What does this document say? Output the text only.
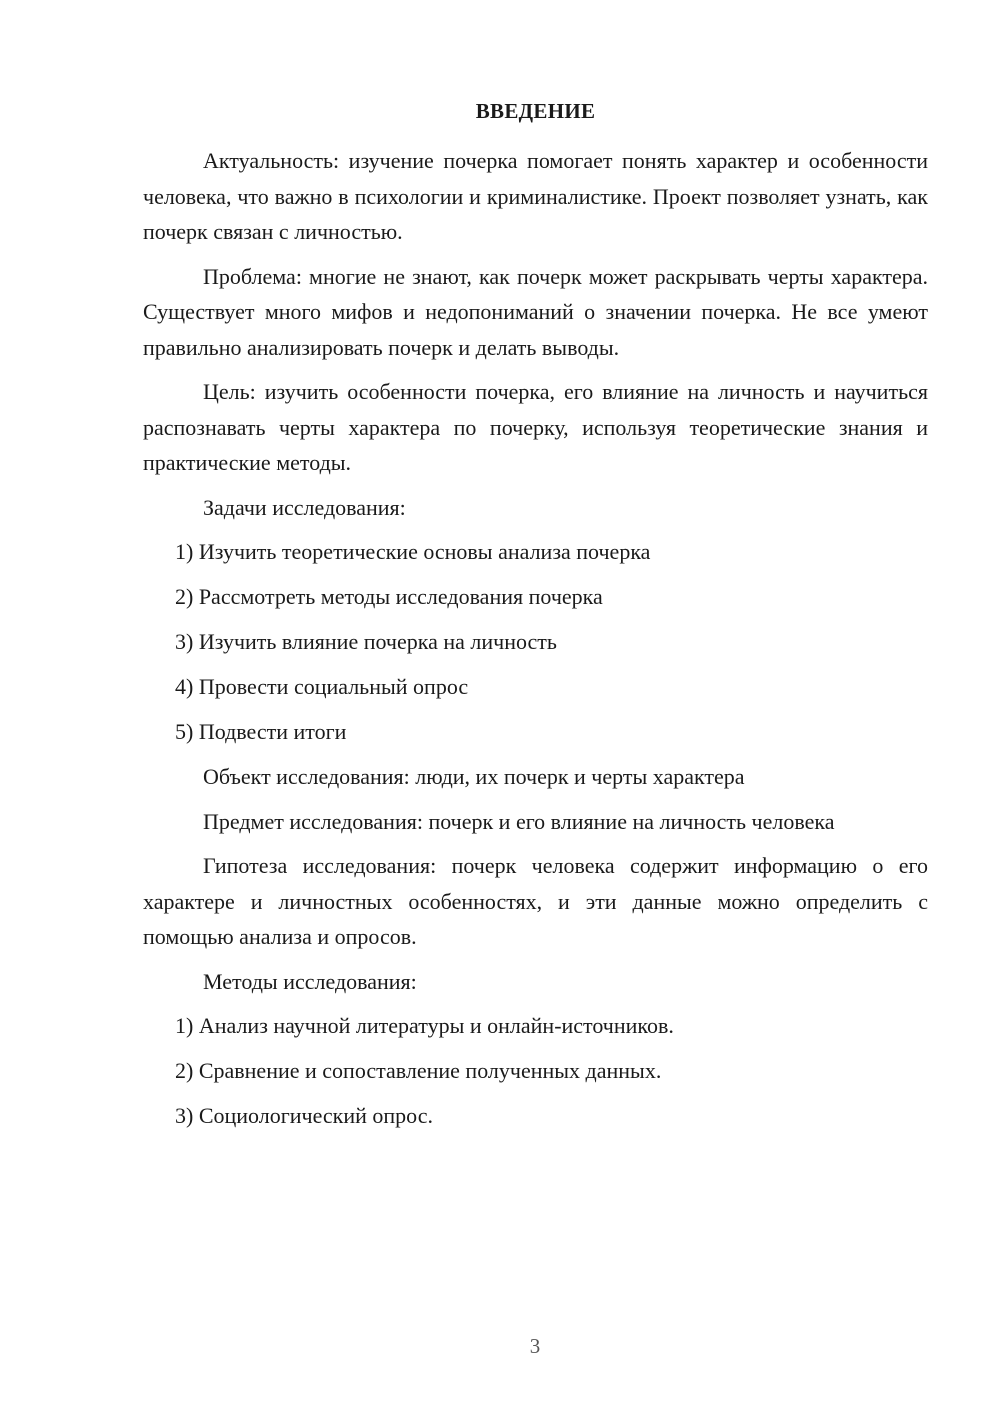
ВВЕДЕНИЕ

Актуальность: изучение почерка помогает понять характер и особенности человека, что важно в психологии и криминалистике. Проект позволяет узнать, как почерк связан с личностью.

Проблема: многие не знают, как почерк может раскрывать черты характера. Существует много мифов и недопониманий о значении почерка. Не все умеют правильно анализировать почерк и делать выводы.

Цель: изучить особенности почерка, его влияние на личность и научиться распознавать черты характера по почерку, используя теоретические знания и практические методы.

Задачи исследования:

1) Изучить теоретические основы анализа почерка

2) Рассмотреть методы исследования почерка

3) Изучить влияние почерка на личность

4) Провести социальный опрос

5) Подвести итоги

Объект исследования: люди, их почерк и черты характера

Предмет исследования: почерк и его влияние на личность человека

Гипотеза исследования: почерк человека содержит информацию о его характере и личностных особенностях, и эти данные можно определить с помощью анализа и опросов.

Методы исследования:

1) Анализ научной литературы и онлайн-источников.

2) Сравнение и сопоставление полученных данных.

3) Социологический опрос.

3
